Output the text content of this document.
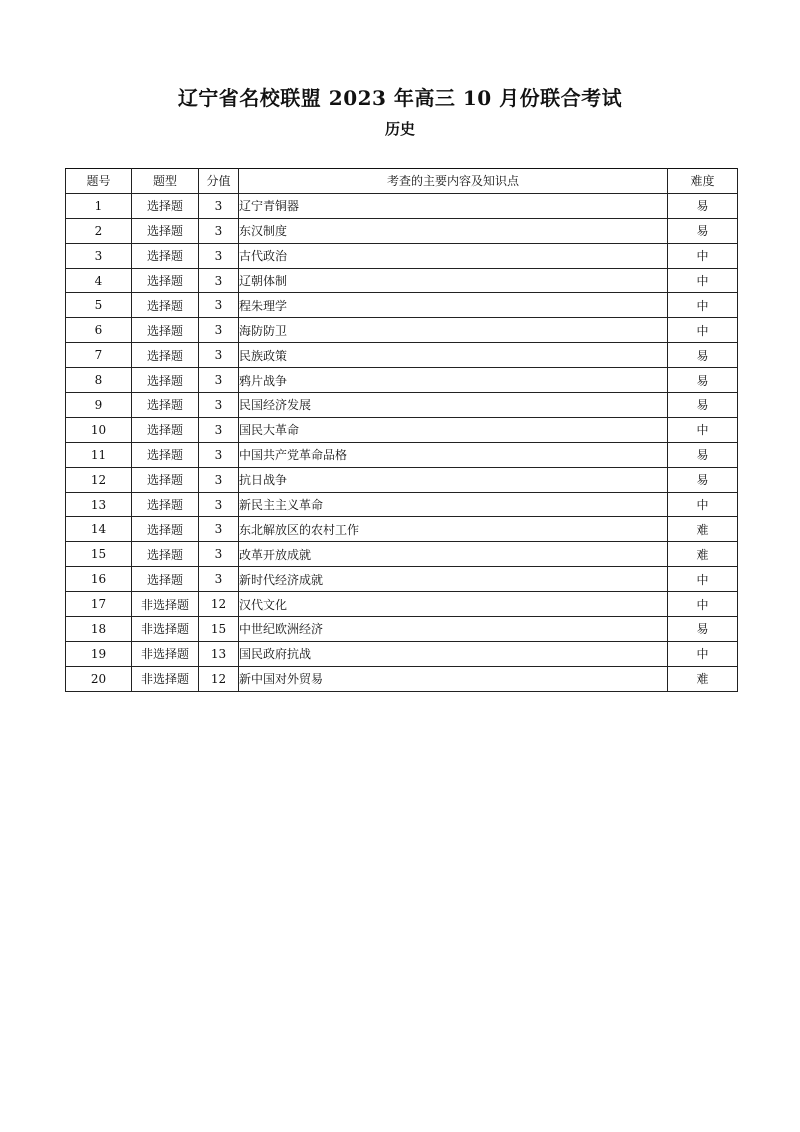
辽宁省名校联盟 2023 年高三 10 月份联合考试
历史
题号	题型	分值	考查的主要内容及知识点	难度
1	选择题	3	辽宁青铜器	易
2	选择题	3	东汉制度	易
3	选择题	3	古代政治	中
4	选择题	3	辽朝体制	中
5	选择题	3	程朱理学	中
6	选择题	3	海防防卫	中
7	选择题	3	民族政策	易
8	选择题	3	鸦片战争	易
9	选择题	3	民国经济发展	易
10	选择题	3	国民大革命	中
11	选择题	3	中国共产党革命品格	易
12	选择题	3	抗日战争	易
13	选择题	3	新民主主义革命	中
14	选择题	3	东北解放区的农村工作	难
15	选择题	3	改革开放成就	难
16	选择题	3	新时代经济成就	中
17	非选择题	12	汉代文化	中
18	非选择题	15	中世纪欧洲经济	易
19	非选择题	13	国民政府抗战	中
20	非选择题	12	新中国对外贸易	难
